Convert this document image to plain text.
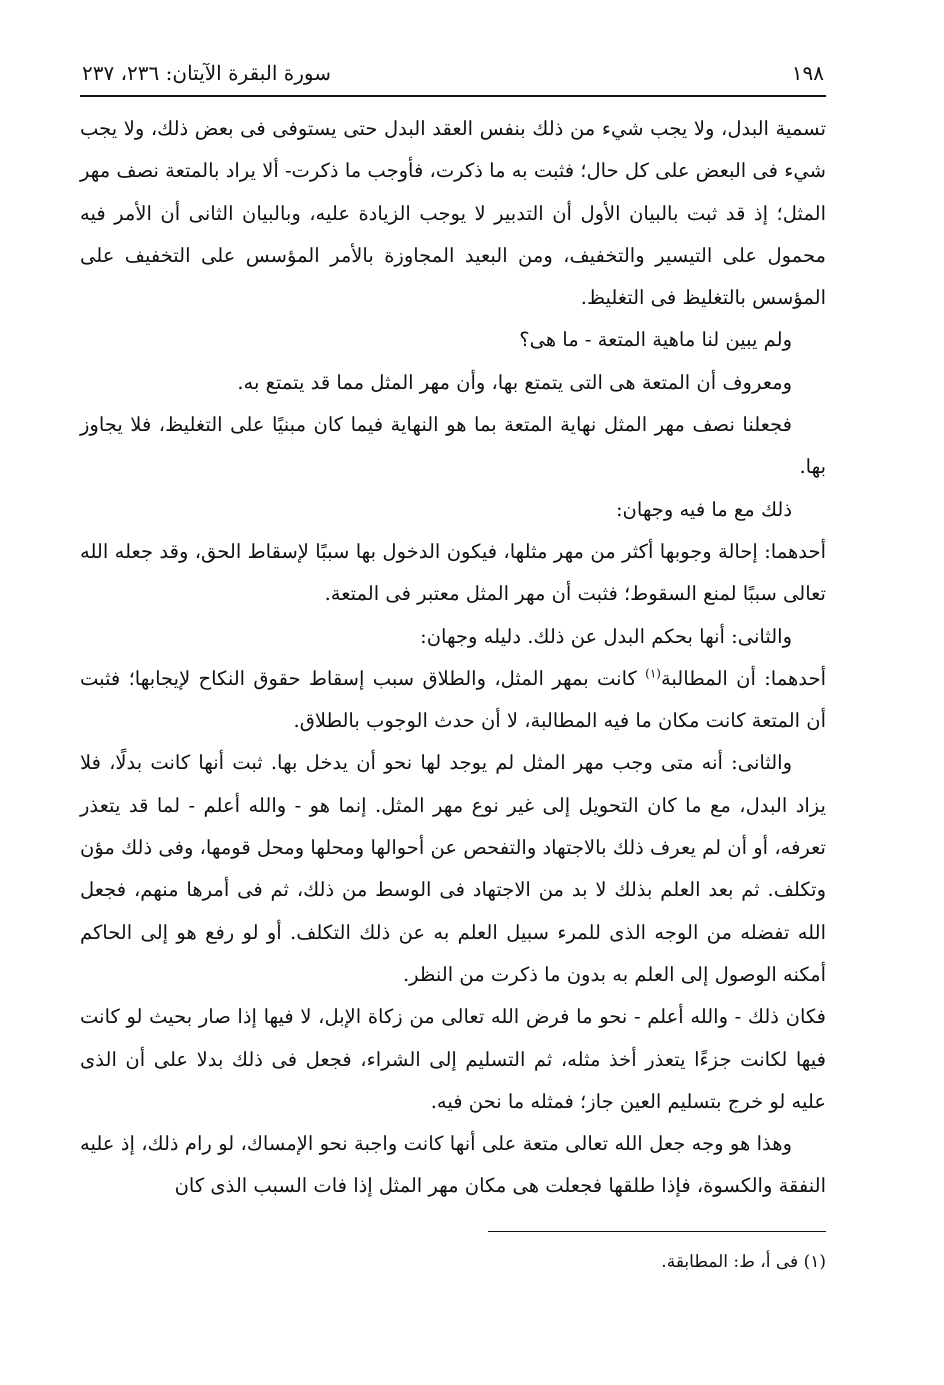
١٩٨
سورة البقرة الآيتان: ٢٣٦، ٢٣٧

تسمية البدل، ولا يجب شيء من ذلك بنفس العقد البدل حتى يستوفى فى بعض ذلك، ولا يجب شيء فى البعض على كل حال؛ فثبت به ما ذكرت، فأوجب ما ذكرت- ألا يراد بالمتعة نصف مهر المثل؛ إذ قد ثبت بالبيان الأول أن التدبير لا يوجب الزيادة عليه، وبالبيان الثانى أن الأمر فيه محمول على التيسير والتخفيف، ومن البعيد المجاوزة بالأمر المؤسس على التخفيف على المؤسس بالتغليظ فى التغليظ.

ولم يبين لنا ماهية المتعة - ما هى؟

ومعروف أن المتعة هى التى يتمتع بها، وأن مهر المثل مما قد يتمتع به.

فجعلنا نصف مهر المثل نهاية المتعة بما هو النهاية فيما كان مبنيًا على التغليظ، فلا يجاوز بها.

ذلك مع ما فيه وجهان:

أحدهما: إحالة وجوبها أكثر من مهر مثلها، فيكون الدخول بها سببًا لإسقاط الحق، وقد جعله الله تعالى سببًا لمنع السقوط؛ فثبت أن مهر المثل معتبر فى المتعة.

والثانى: أنها بحكم البدل عن ذلك. دليله وجهان:

أحدهما: أن المطالبة$^{(١)}$ كانت بمهر المثل، والطلاق سبب إسقاط حقوق النكاح لإيجابها؛ فثبت أن المتعة كانت مكان ما فيه المطالبة، لا أن حدث الوجوب بالطلاق.

والثانى: أنه متى وجب مهر المثل لم يوجد لها نحو أن يدخل بها. ثبت أنها كانت بدلًا، فلا يزاد البدل، مع ما كان التحويل إلى غير نوع مهر المثل. إنما هو - والله أعلم - لما قد يتعذر تعرفه، أو أن لم يعرف ذلك بالاجتهاد والتفحص عن أحوالها ومحلها ومحل قومها، وفى ذلك مؤن وتكلف. ثم بعد العلم بذلك لا بد من الاجتهاد فى الوسط من ذلك، ثم فى أمرها منهم، فجعل الله تفضله من الوجه الذى للمرء سبيل العلم به عن ذلك التكلف. أو لو رفع هو إلى الحاكم أمكنه الوصول إلى العلم به بدون ما ذكرت من النظر.

فكان ذلك - والله أعلم - نحو ما فرض الله تعالى من زكاة الإبل، لا فيها إذا صار بحيث لو كانت فيها لكانت جزءًا يتعذر أخذ مثله، ثم التسليم إلى الشراء، فجعل فى ذلك بدلا على أن الذى عليه لو خرج بتسليم العين جاز؛ فمثله ما نحن فيه.

وهذا هو وجه جعل الله تعالى متعة على أنها كانت واجبة نحو الإمساك، لو رام ذلك، إذ عليه النفقة والكسوة، فإذا طلقها فجعلت هى مكان مهر المثل إذا فات السبب الذى كان

(١) فى أ، ط: المطابقة.
